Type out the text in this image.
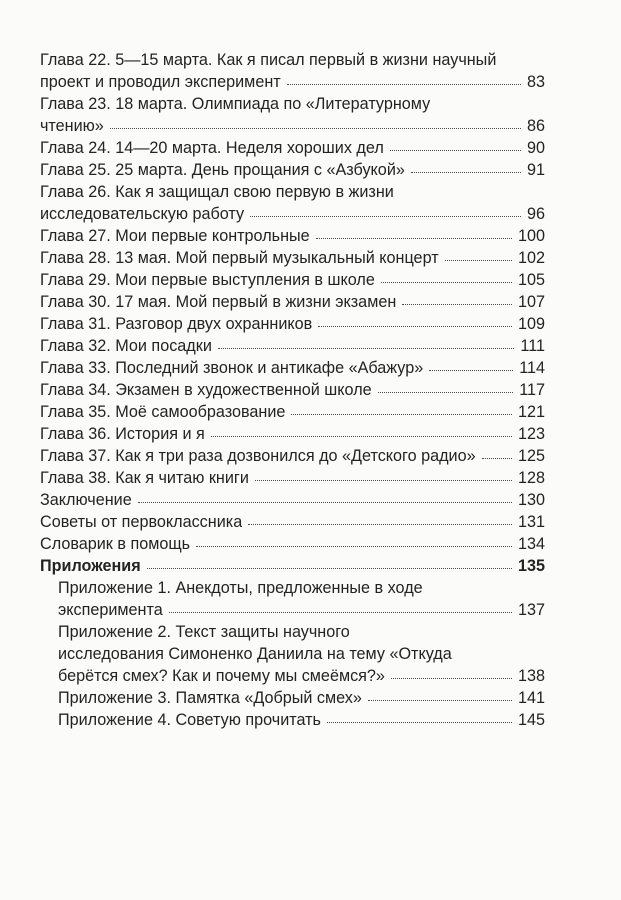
Глава 22. 5—15 марта. Как я писал первый в жизни научный
проект и проводил эксперимент	83
Глава 23. 18 марта. Олимпиада по «Литературному
чтению»	86
Глава 24. 14—20 марта. Неделя хороших дел	90
Глава 25. 25 марта. День прощания с «Азбукой»	91
Глава 26. Как я защищал свою первую в жизни
исследовательскую работу	96
Глава 27. Мои первые контрольные	100
Глава 28. 13 мая. Мой первый музыкальный концерт	102
Глава 29. Мои первые выступления в школе	105
Глава 30. 17 мая. Мой первый в жизни экзамен	107
Глава 31. Разговор двух охранников	109
Глава 32. Мои посадки	111
Глава 33. Последний звонок и антикафе «Абажур»	114
Глава 34. Экзамен в художественной школе	117
Глава 35. Моё самообразование	121
Глава 36. История и я	123
Глава 37. Как я три раза дозвонился до «Детского радио»	125
Глава 38. Как я читаю книги	128
Заключение	130
Советы от первоклассника	131
Словарик в помощь	134
Приложения	135
Приложение 1. Анекдоты, предложенные в ходе
эксперимента	137
Приложение 2. Текст защиты научного
исследования Симоненко Даниила на тему «Откуда
берётся смех? Как и почему мы смеёмся?»	138
Приложение 3. Памятка «Добрый смех»	141
Приложение 4. Советую прочитать	145
